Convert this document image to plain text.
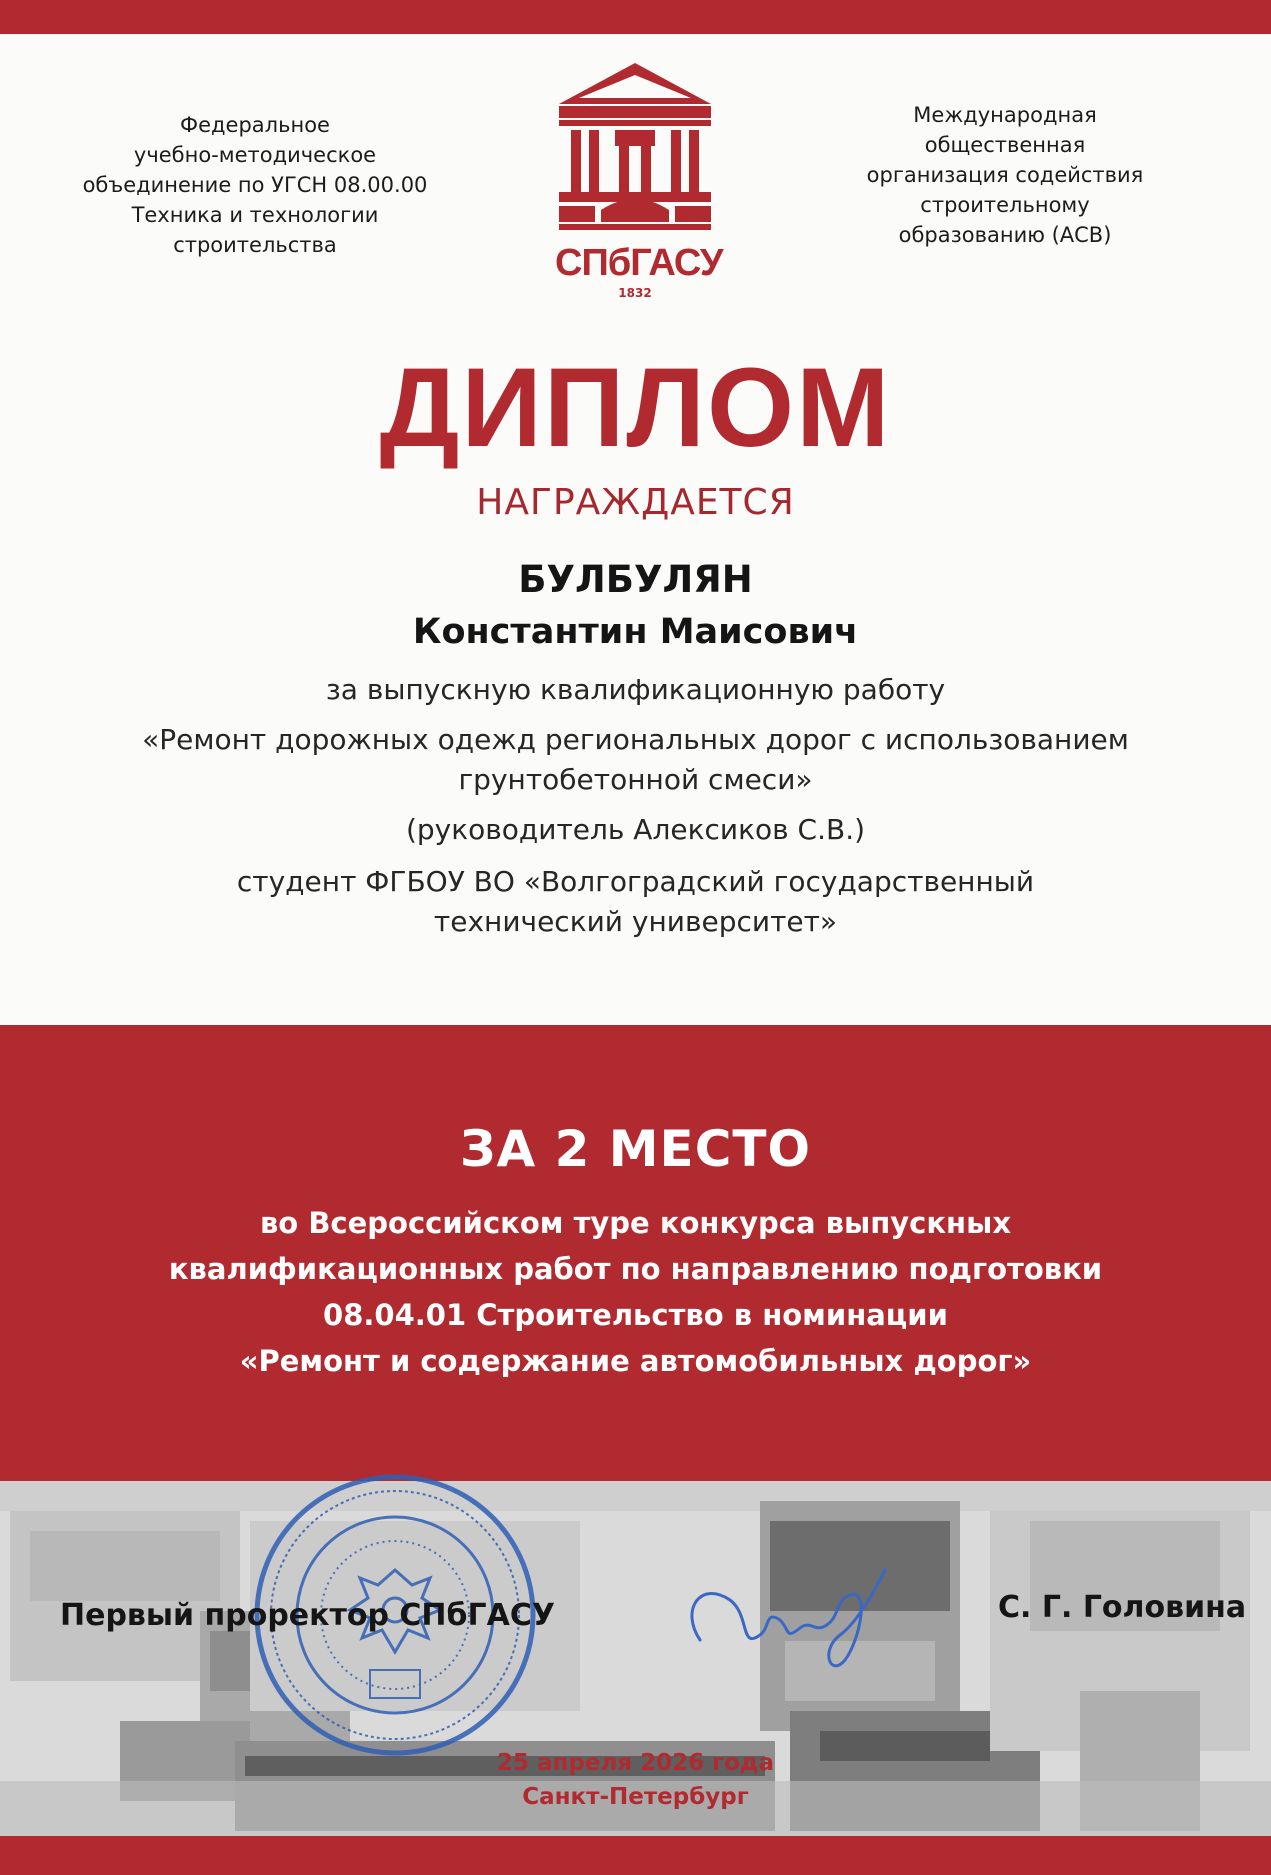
Федеральное
учебно-методическое
объединение по УГСН 08.00.00
Техника и технологии
строительства	СПбГАСУ
1832
Международная
общественная
организация содействия
строительному
образованию (АСВ)
ДИПЛОМ
НАГРАЖДАЕТСЯ
БУЛБУЛЯН
Константин Маисович
за выпускную квалификационную работу
«Ремонт дорожных одежд региональных дорог с использованием
грунтобетонной смеси»
(руководитель Алексиков С.В.)
студент ФГБОУ ВО «Волгоградский государственный
технический университет»
ЗА 2 МЕСТО
во Всероссийском туре конкурса выпускных
квалификационных работ по направлению подготовки
08.04.01 Строительство в номинации
«Ремонт и содержание автомобильных дорог»
Первый проректор СПбГАСУ	С. Г. Головина
25 апреля 2026 года
Санкт-Петербург
